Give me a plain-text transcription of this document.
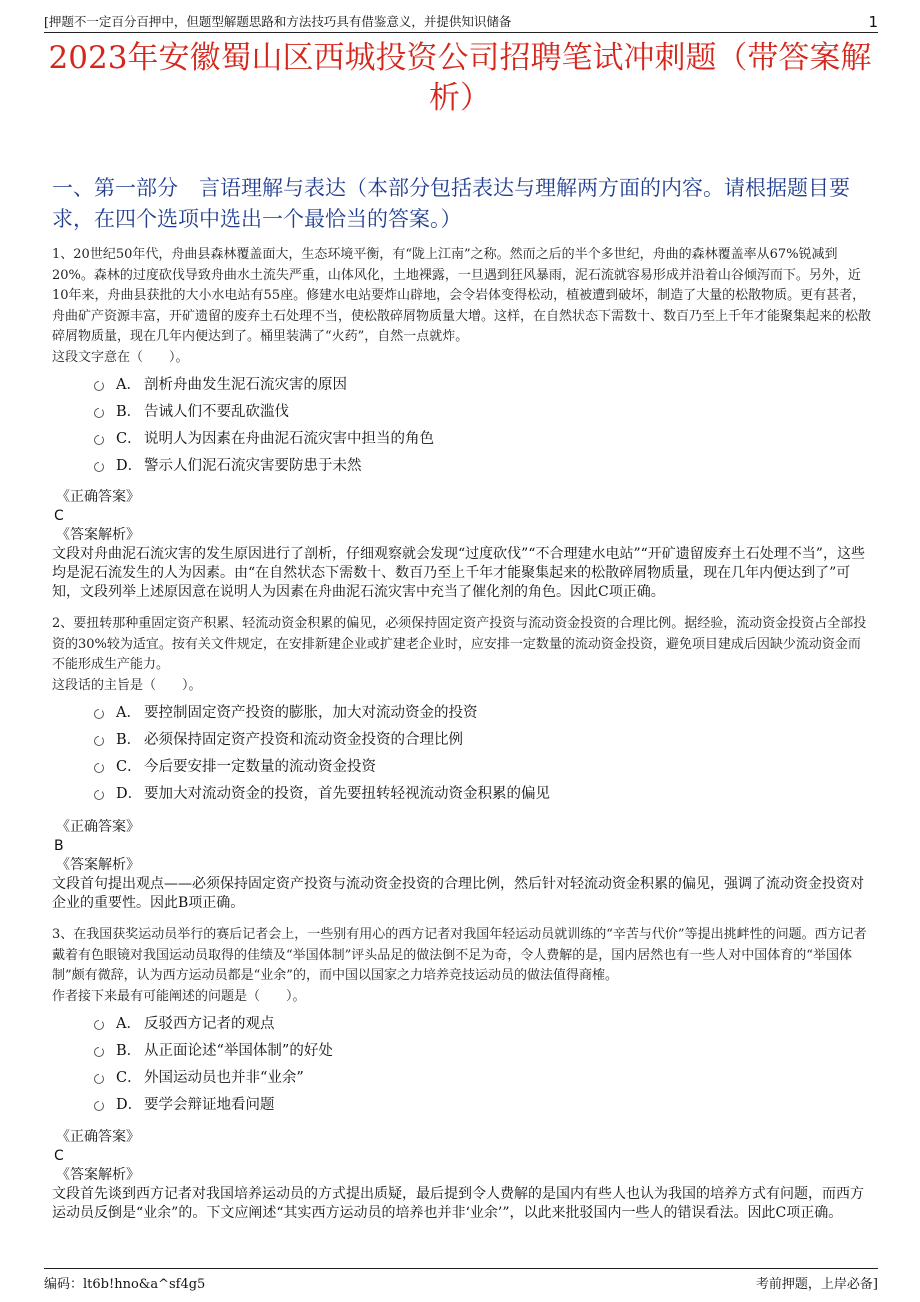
[押题不一定百分百押中，但题型解题思路和方法技巧具有借鉴意义，并提供知识储备	1
2023年安徽蜀山区西城投资公司招聘笔试冲刺题（带答案解析）
一、第一部分　言语理解与表达（本部分包括表达与理解两方面的内容。请根据题目要求，在四个选项中选出一个最恰当的答案。）

1、20世纪50年代，舟曲县森林覆盖面大，生态环境平衡，有“陇上江南”之称。然而之后的半个多世纪，舟曲的森林覆盖率从67%锐减到20%。森林的过度砍伐导致舟曲水土流失严重，山体风化，土地裸露，一旦遇到狂风暴雨，泥石流就容易形成并沿着山谷倾泻而下。另外，近10年来，舟曲县获批的大小水电站有55座。修建水电站要炸山辟地，会令岩体变得松动，植被遭到破坏，制造了大量的松散物质。更有甚者，舟曲矿产资源丰富，开矿遗留的废弃土石处理不当，使松散碎屑物质量大增。这样，在自然状态下需数十、数百乃至上千年才能聚集起来的松散碎屑物质量，现在几年内便达到了。桶里装满了“火药”，自然一点就炸。

这段文字意在（　　）。

A． 剖析舟曲发生泥石流灾害的原因
B． 告诫人们不要乱砍滥伐
C． 说明人为因素在舟曲泥石流灾害中担当的角色
D． 警示人们泥石流灾害要防患于未然
《正确答案》
C
《答案解析》
文段对舟曲泥石流灾害的发生原因进行了剖析，仔细观察就会发现“过度砍伐”“不合理建水电站”“开矿遗留废弃土石处理不当”，这些均是泥石流发生的人为因素。由“在自然状态下需数十、数百乃至上千年才能聚集起来的松散碎屑物质量，现在几年内便达到了”可知，文段列举上述原因意在说明人为因素在舟曲泥石流灾害中充当了催化剂的角色。因此C项正确。

2、要扭转那种重固定资产积累、轻流动资金积累的偏见，必须保持固定资产投资与流动资金投资的合理比例。据经验，流动资金投资占全部投资的30%较为适宜。按有关文件规定，在安排新建企业或扩建老企业时，应安排一定数量的流动资金投资，避免项目建成后因缺少流动资金而不能形成生产能力。

这段话的主旨是（　　）。

A． 要控制固定资产投资的膨胀，加大对流动资金的投资
B． 必须保持固定资产投资和流动资金投资的合理比例
C． 今后要安排一定数量的流动资金投资
D． 要加大对流动资金的投资，首先要扭转轻视流动资金积累的偏见
《正确答案》
B
《答案解析》
文段首句提出观点——必须保持固定资产投资与流动资金投资的合理比例，然后针对轻流动资金积累的偏见，强调了流动资金投资对企业的重要性。因此B项正确。

3、在我国获奖运动员举行的赛后记者会上，一些别有用心的西方记者对我国年轻运动员就训练的“辛苦与代价”等提出挑衅性的问题。西方记者戴着有色眼镜对我国运动员取得的佳绩及“举国体制”评头品足的做法倒不足为奇，令人费解的是，国内居然也有一些人对中国体育的“举国体制”颇有微辞，认为西方运动员都是“业余”的，而中国以国家之力培养竞技运动员的做法值得商榷。

作者接下来最有可能阐述的问题是（　　）。

A． 反驳西方记者的观点
B． 从正面论述“举国体制”的好处
C． 外国运动员也并非“业余”
D． 要学会辩证地看问题
《正确答案》
C
《答案解析》
文段首先谈到西方记者对我国培养运动员的方式提出质疑，最后提到令人费解的是国内有些人也认为我国的培养方式有问题，而西方运动员反倒是“业余”的。下文应阐述“其实西方运动员的培养也并非‘业余’”，以此来批驳国内一些人的错误看法。因此C项正确。
编码：lt6b!hno&a^sf4g5	考前押题，上岸必备]
